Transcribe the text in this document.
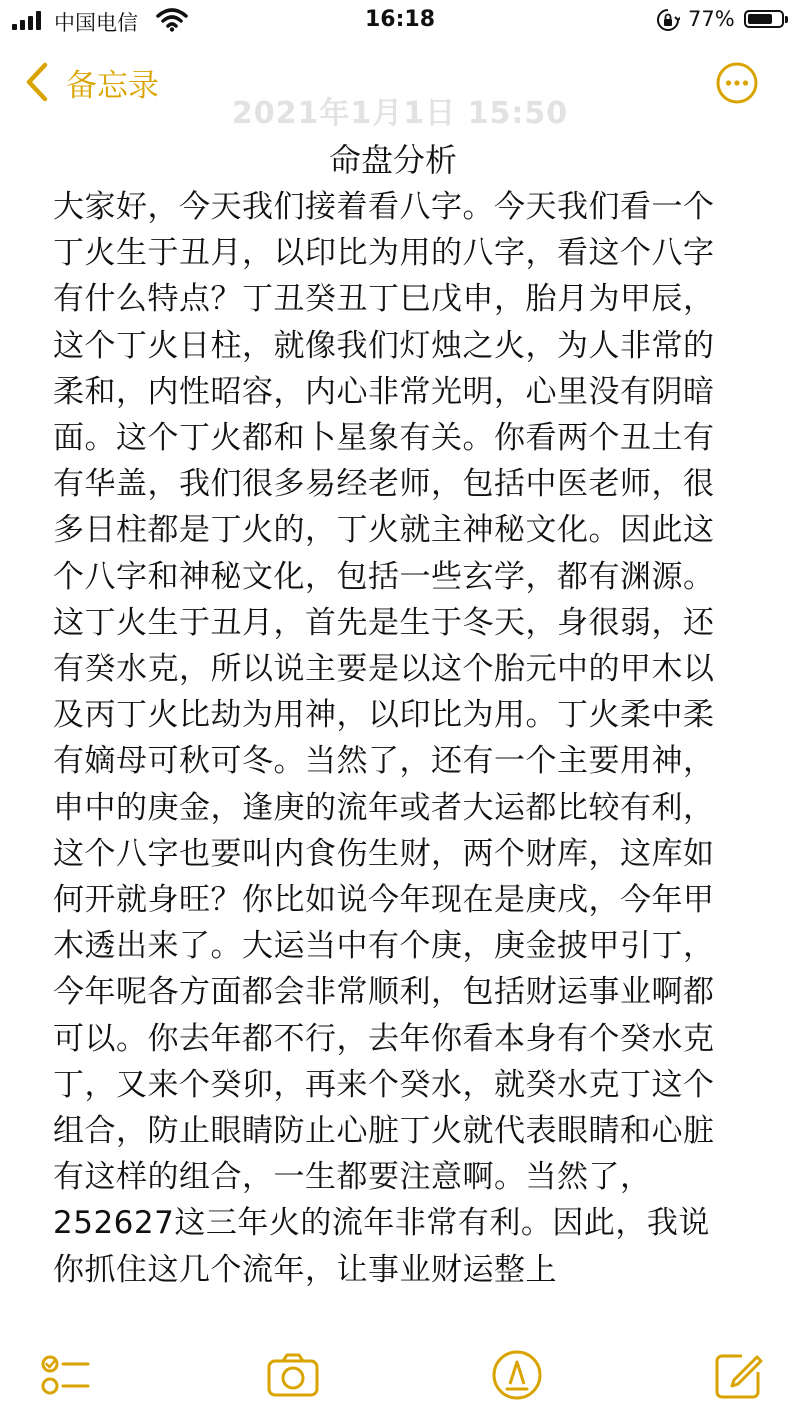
中国电信	16:18	77%
2021年1月1日 15:50
备忘录
命盘分析
大家好，今天我们接着看八字。今天我们看一个丁火生于丑月，以印比为用的八字，看这个八字有什么特点？丁丑癸丑丁巳戊申，胎月为甲辰，这个丁火日柱，就像我们灯烛之火，为人非常的柔和，内性昭容，内心非常光明，心里没有阴暗面。这个丁火都和卜星象有关。你看两个丑土有有华盖，我们很多易经老师，包括中医老师，很多日柱都是丁火的，丁火就主神秘文化。因此这个八字和神秘文化，包括一些玄学，都有渊源。这丁火生于丑月，首先是生于冬天，身很弱，还有癸水克，所以说主要是以这个胎元中的甲木以及丙丁火比劫为用神，以印比为用。丁火柔中柔有嫡母可秋可冬。当然了，还有一个主要用神，申中的庚金，逢庚的流年或者大运都比较有利，这个八字也要叫内食伤生财，两个财库，这库如何开就身旺？你比如说今年现在是庚戌，今年甲木透出来了。大运当中有个庚，庚金披甲引丁，今年呢各方面都会非常顺利，包括财运事业啊都可以。你去年都不行，去年你看本身有个癸水克丁，又来个癸卯，再来个癸水，就癸水克丁这个组合，防止眼睛防止心脏丁火就代表眼睛和心脏有这样的组合，一生都要注意啊。当然了，252627这三年火的流年非常有利。因此，我说你抓住这几个流年，让事业财运整上
